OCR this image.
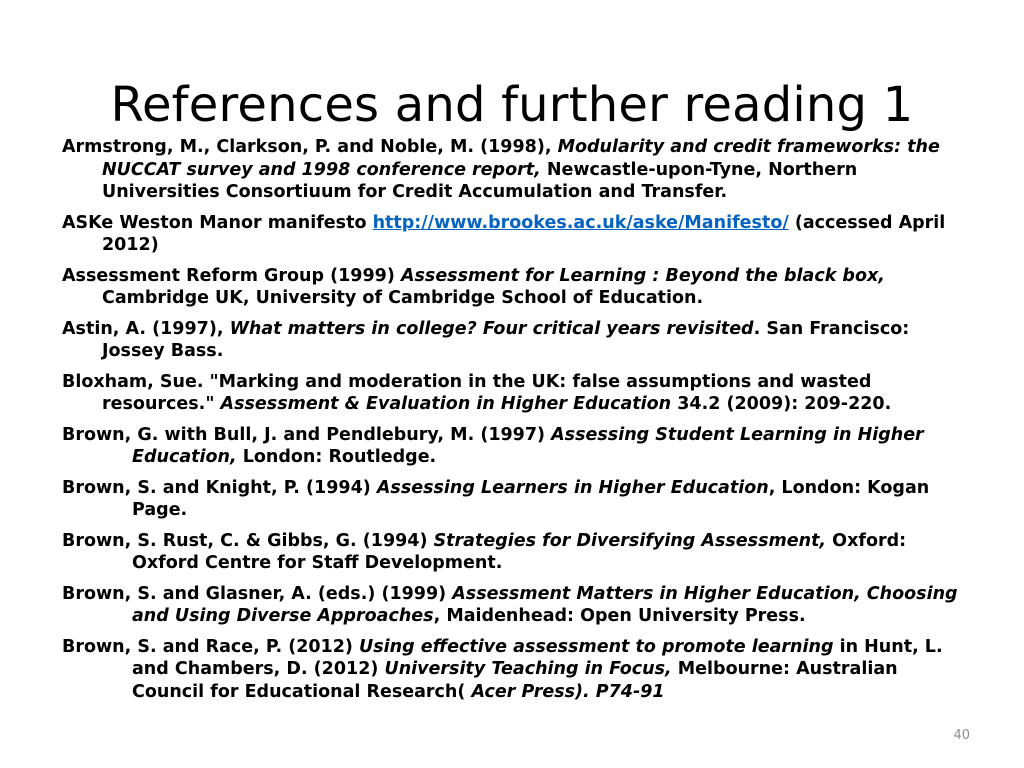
References and further reading 1
Armstrong, M., Clarkson, P. and Noble, M. (1998), Modularity and credit frameworks: the NUCCAT survey and 1998 conference report, Newcastle-upon-Tyne, Northern Universities Consortiuum for Credit Accumulation and Transfer.
ASKe Weston Manor manifesto http://www.brookes.ac.uk/aske/Manifesto/ (accessed April 2012)
Assessment Reform Group (1999) Assessment for Learning : Beyond the black box, Cambridge UK, University of Cambridge School of Education.
Astin, A. (1997), What matters in college? Four critical years revisited. San Francisco: Jossey Bass.
Bloxham, Sue. "Marking and moderation in the UK: false assumptions and wasted resources." Assessment & Evaluation in Higher Education 34.2 (2009): 209-220.
Brown, G. with Bull, J. and Pendlebury, M. (1997) Assessing Student Learning in Higher Education, London: Routledge.
Brown, S. and Knight, P. (1994) Assessing Learners in Higher Education, London: Kogan Page.
Brown, S. Rust, C. & Gibbs, G. (1994) Strategies for Diversifying Assessment, Oxford: Oxford Centre for Staff Development.
Brown, S. and Glasner, A. (eds.) (1999) Assessment Matters in Higher Education, Choosing and Using Diverse Approaches, Maidenhead: Open University Press.
Brown, S. and Race, P. (2012) Using effective assessment to promote learning in Hunt, L. and Chambers, D. (2012) University Teaching in Focus, Melbourne: Australian Council for Educational Research( Acer Press). P74-91
40
